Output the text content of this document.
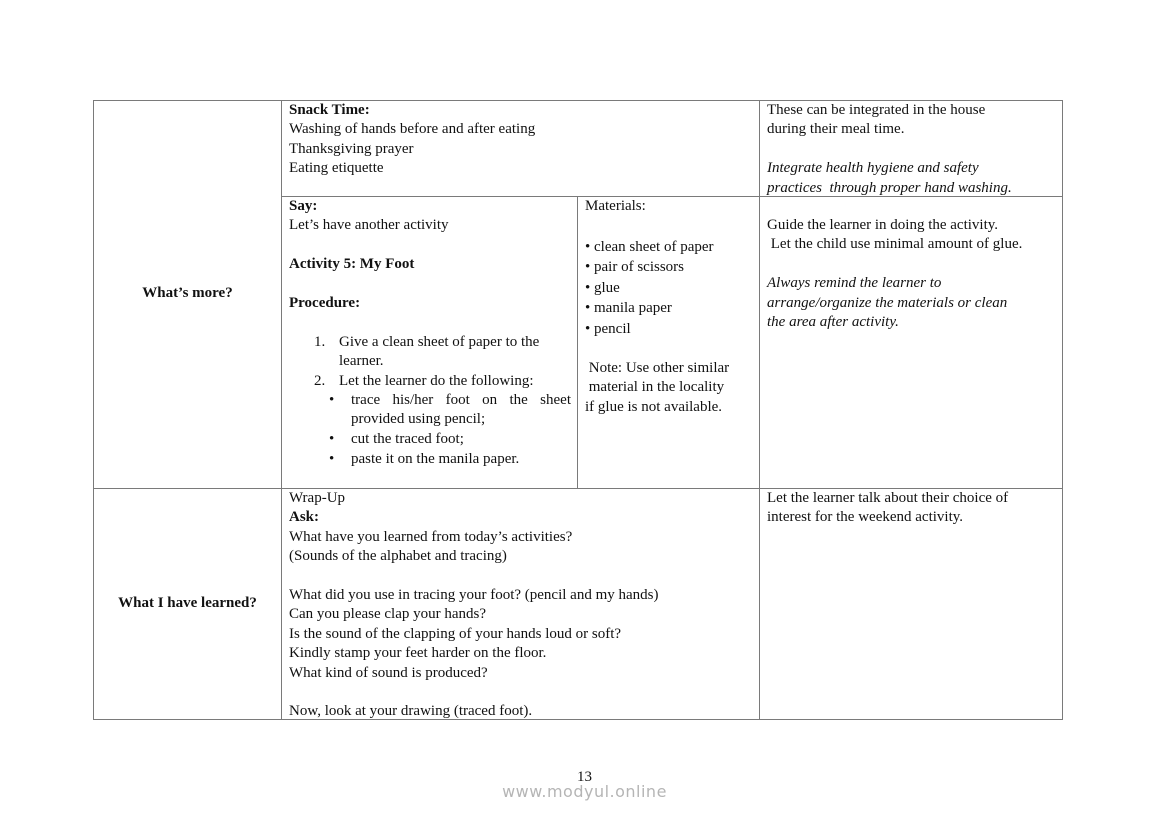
What’s more?
Snack Time:
Washing of hands before and after eating
Thanksgiving prayer
Eating etiquette
These can be integrated in the house
during their meal time.
Integrate health hygiene and safety
practices  through proper hand washing.
Say:
Let’s have another activity
Activity 5: My Foot
Procedure:
1. Give a clean sheet of paper to the
learner.
2. Let the learner do the following:
• trace his/her foot on the sheet
provided using pencil;
• cut the traced foot;
• paste it on the manila paper.
Materials:
• clean sheet of paper
• pair of scissors
• glue
• manila paper
• pencil
Note: Use other similar
material in the locality
if glue is not available.
Guide the learner in doing the activity.
Let the child use minimal amount of glue.
Always remind the learner to
arrange/organize the materials or clean
the area after activity.
What I have learned?
Wrap-Up
Ask:
What have you learned from today’s activities?
(Sounds of the alphabet and tracing)
What did you use in tracing your foot? (pencil and my hands)
Can you please clap your hands?
Is the sound of the clapping of your hands loud or soft?
Kindly stamp your feet harder on the floor.
What kind of sound is produced?
Now, look at your drawing (traced foot).
Let the learner talk about their choice of
interest for the weekend activity.
13
www.modyul.online
